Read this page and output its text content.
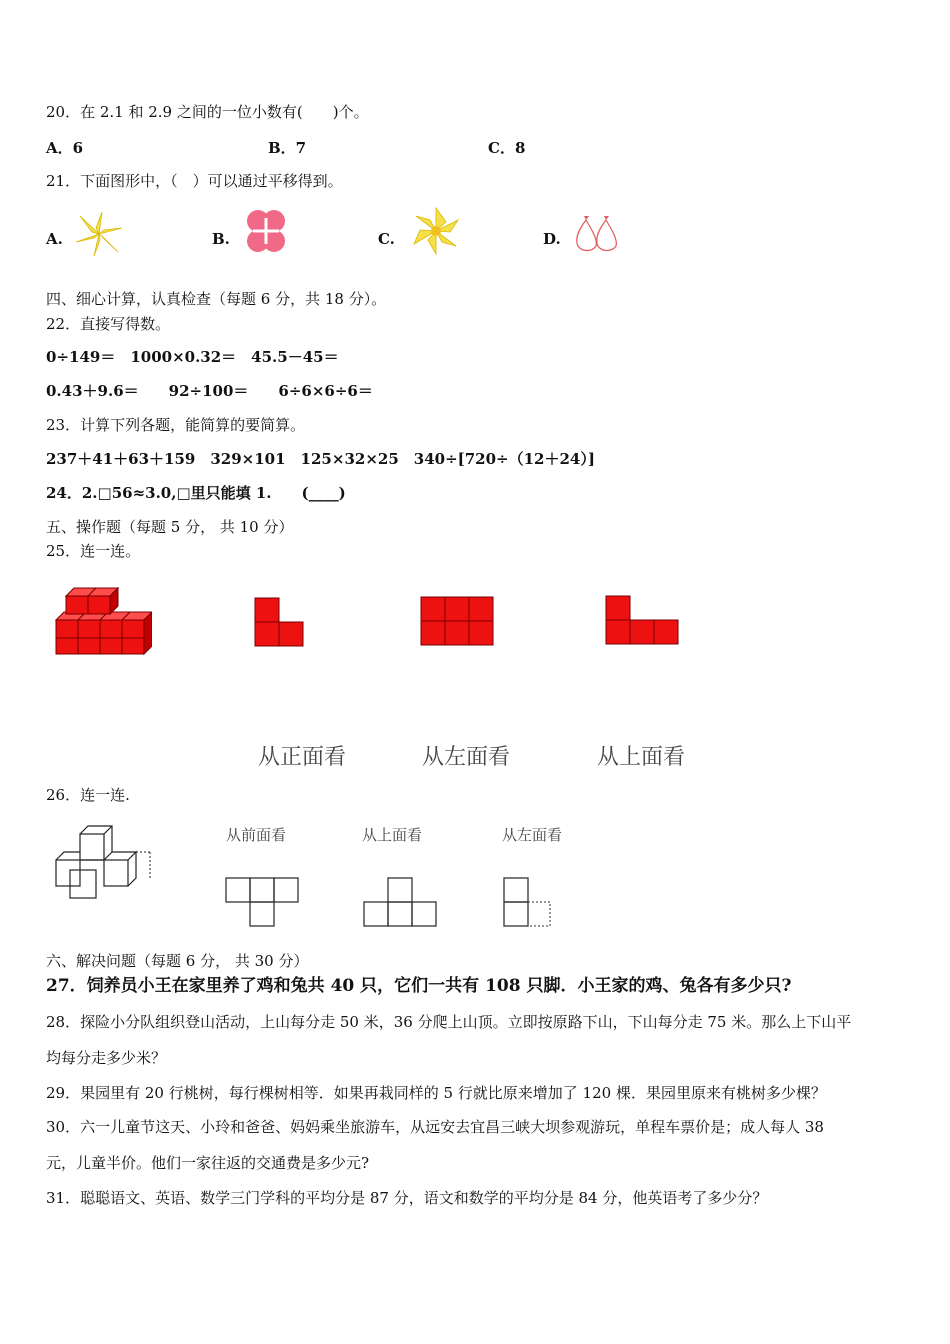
20．在 2.1 和 2.9 之间的一位小数有(　　)个。
A．6	B．7	C．8
21．下面图形中，（　）可以通过平移得到。
A.	B.	C.	D.
四、细心计算，认真检查（每题 6 分，共 18 分）。
22．直接写得数。
0÷149＝　1000×0.32＝　45.5－45＝
0.43＋9.6＝　　92÷100＝　　6÷6×6÷6＝
23．计算下列各题，能简算的要简算。
237＋41＋63＋159　329×101　125×32×25　340÷[720÷（12＋24）]
24．2.□56≈3.0,□里只能填 1.　　(____)
五、操作题（每题 5 分， 共 10 分）
25．连一连。
从正面看	从左面看	从上面看
26．连一连.
从前面看	从上面看	从左面看
六、解决问题（每题 6 分， 共 30 分）
27．饲养员小王在家里养了鸡和兔共 40 只，它们一共有 108 只脚．小王家的鸡、兔各有多少只?
28．探险小分队组织登山活动，上山每分走 50 米，36 分爬上山顶。立即按原路下山，下山每分走 75 米。那么上下山平
均每分走多少米？
29．果园里有 20 行桃树，每行棵树相等．如果再栽同样的 5 行就比原来增加了 120 棵．果园里原来有桃树多少棵？
30．六一儿童节这天、小玲和爸爸、妈妈乘坐旅游车，从远安去宜昌三峡大坝参观游玩，单程车票价是；成人每人 38
元，儿童半价。他们一家往返的交通费是多少元?
31．聪聪语文、英语、数学三门学科的平均分是 87 分，语文和数学的平均分是 84 分，他英语考了多少分？
